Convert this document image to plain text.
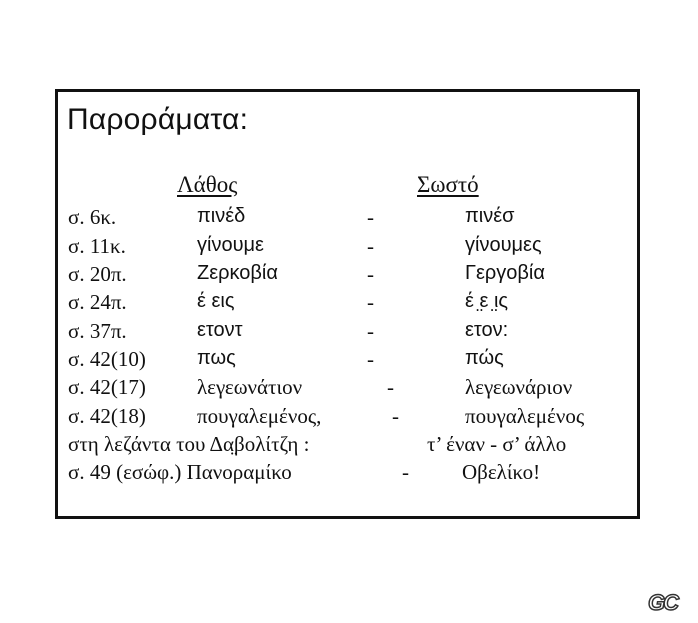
Παροράματα:
Λάθος	Σωστό
σ. 6κ.	πινέδ	-	πινέσ
σ. 11κ.	γίνουμε	-	γίνουμες
σ. 20π.	Ζερκοβία	-	Γεργοβία
σ. 24π.	έ εις	-	έ ̤ε ̤ις
σ. 37π.	ετοντ	-	ετον:
σ. 42(10)	πως	-	πώς
σ. 42(17) λεγεωνάτιον	-	λεγεωνάριον
σ. 42(18) πουγαλεμένος,	-	πουγαλεμένος
στη λεζάντα του Δα̤βολίτζη :	τ’ έναν - σ’ άλλο
σ. 49 (εσώφ.) Πανοραμίκο	-	Οβελίκο!
GC
